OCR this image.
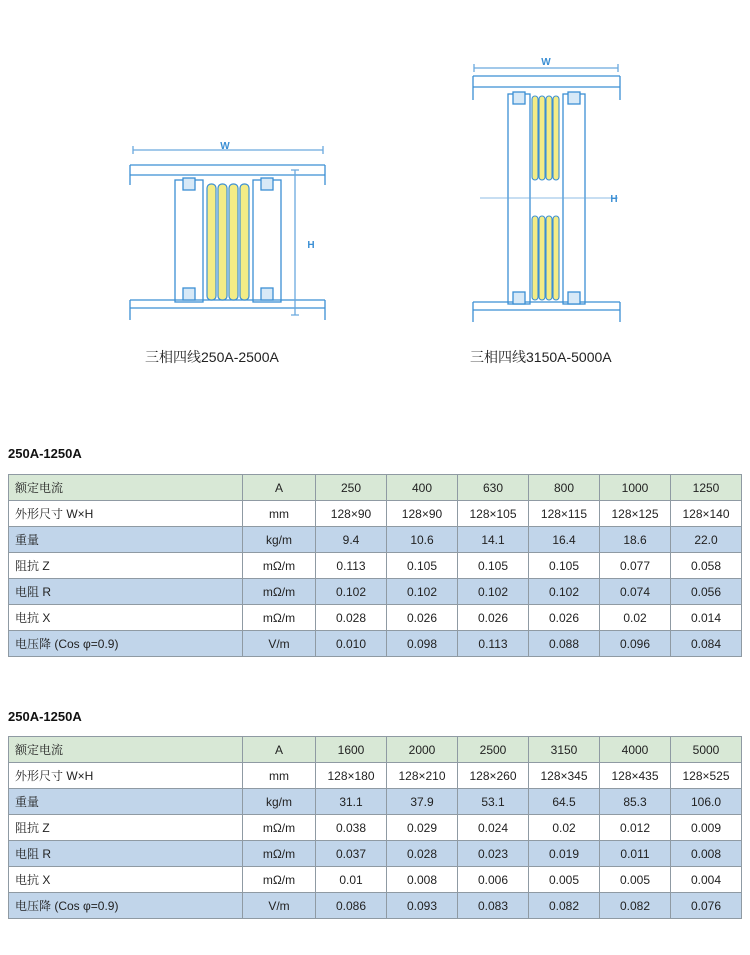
W
H
三相四线250A-2500A
W
H
三相四线3150A-5000A
250A-1250A
额定电流	A	250	400	630	800	1000	1250
外形尺寸 W×H	mm	128×90	128×90	128×105	128×115	128×125	128×140
重量	kg/m	9.4	10.6	14.1	16.4	18.6	22.0
阻抗 Z	mΩ/m	0.113	0.105	0.105	0.105	0.077	0.058
电阻 R	mΩ/m	0.102	0.102	0.102	0.102	0.074	0.056
电抗 X	mΩ/m	0.028	0.026	0.026	0.026	0.02	0.014
电压降 (Cos φ=0.9)	V/m	0.010	0.098	0.113	0.088	0.096	0.084
250A-1250A
额定电流	A	1600	2000	2500	3150	4000	5000
外形尺寸 W×H	mm	128×180	128×210	128×260	128×345	128×435	128×525
重量	kg/m	31.1	37.9	53.1	64.5	85.3	106.0
阻抗 Z	mΩ/m	0.038	0.029	0.024	0.02	0.012	0.009
电阻 R	mΩ/m	0.037	0.028	0.023	0.019	0.011	0.008
电抗 X	mΩ/m	0.01	0.008	0.006	0.005	0.005	0.004
电压降 (Cos φ=0.9)	V/m	0.086	0.093	0.083	0.082	0.082	0.076
